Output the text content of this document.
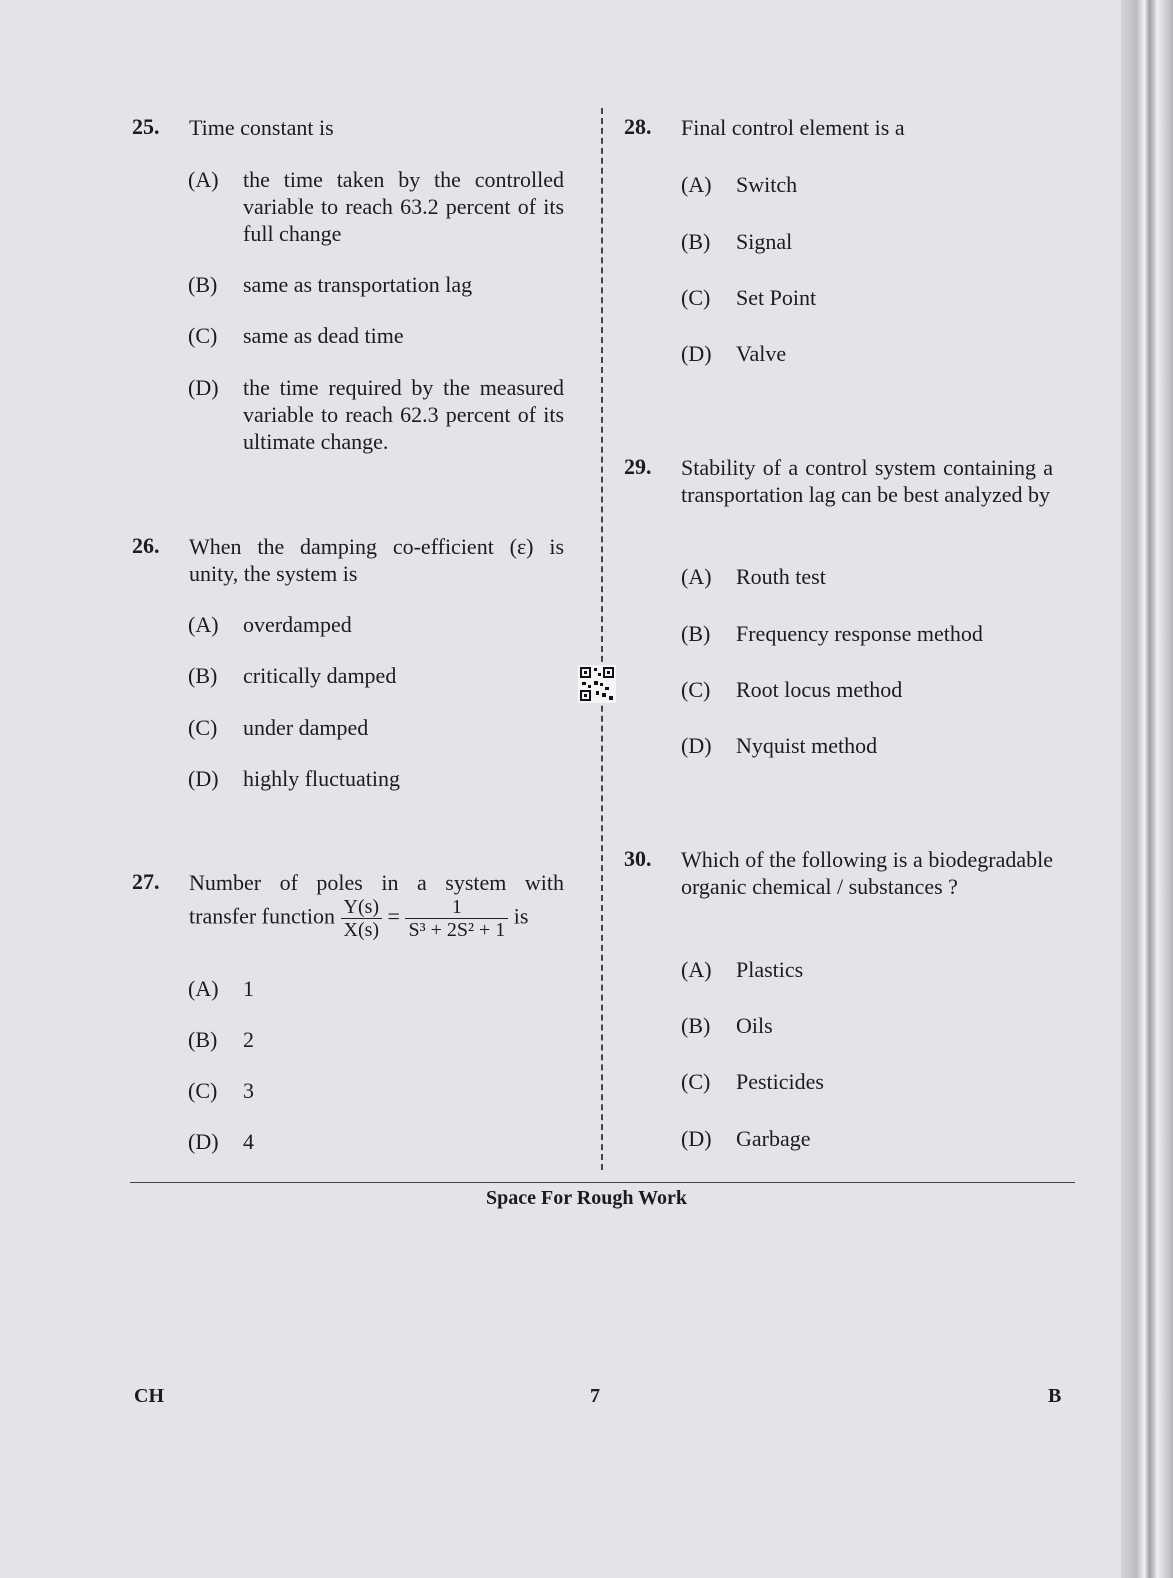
25. Time constant is
(A) the time taken by the controlled variable to reach 63.2 percent of its full change
(B) same as transportation lag
(C) same as dead time
(D) the time required by the measured variable to reach 62.3 percent of its ultimate change.
26. When the damping co-efficient (ε) is unity, the system is
(A) overdamped
(B) critically damped
(C) under damped
(D) highly fluctuating
27. Number of poles in a system with
transfer function $\frac{Y(s)}{X(s)} = \frac{1}{\text{S³ + 2S² + 1}}$ is
(A) 1
(B) 2
(C) 3
(D) 4
28. Final control element is a
(A) Switch
(B) Signal
(C) Set Point
(D) Valve
29. Stability of a control system containing a transportation lag can be best analyzed by
(A) Routh test
(B) Frequency response method
(C) Root locus method
(D) Nyquist method
30. Which of the following is a biodegradable organic chemical / substances ?
(A) Plastics
(B) Oils
(C) Pesticides
(D) Garbage
Space For Rough Work
CH	7	B
